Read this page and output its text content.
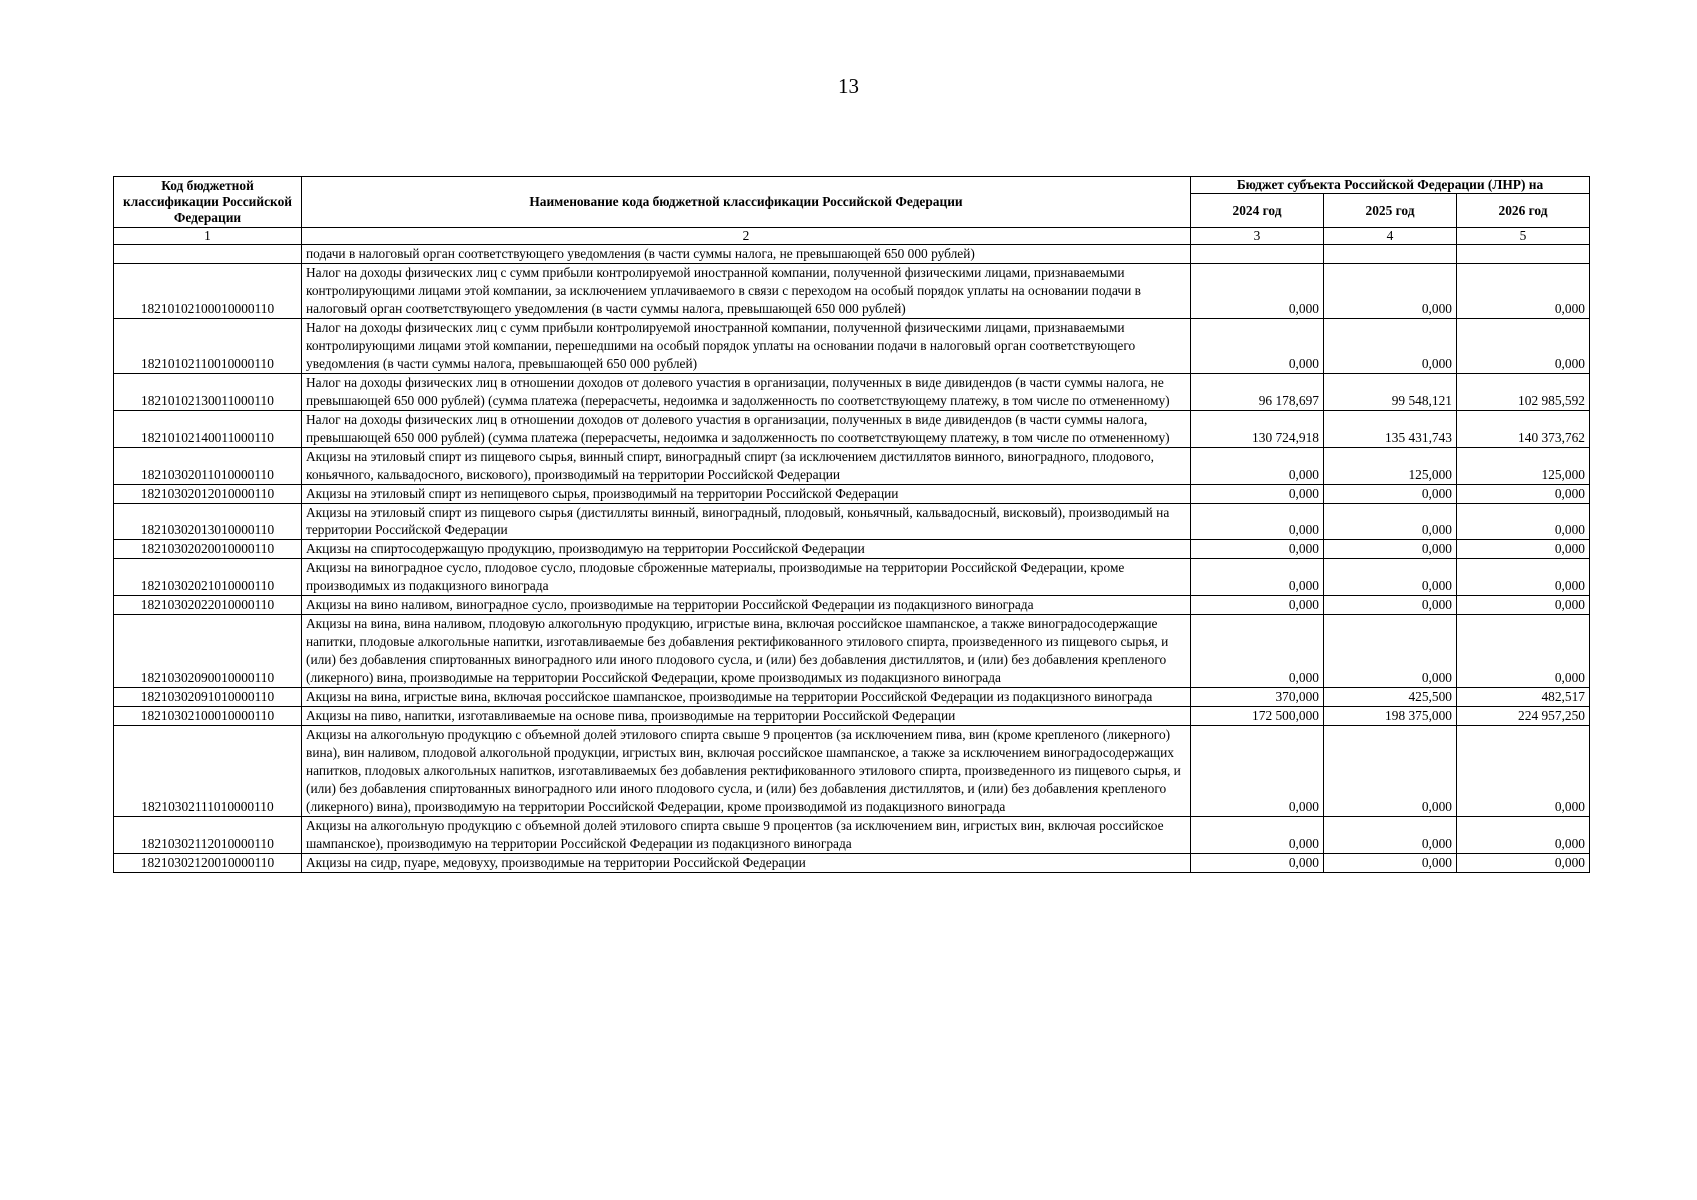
13
Код бюджетной классификации Российской Федерации	Наименование кода бюджетной классификации Российской Федерации	Бюджет субъекта Российской Федерации (ЛНР) на		
		2024 год	2025 год	2026 год
1	2	3	4	5
	подачи в налоговый орган соответствующего уведомления (в части суммы налога, не превышающей 650 000 рублей)			
18210102100010000110	Налог на доходы физических лиц с сумм прибыли контролируемой иностранной компании, полученной физическими лицами, признаваемыми контролирующими лицами этой компании, за исключением уплачиваемого в связи с переходом на особый порядок уплаты на основании подачи в налоговый орган соответствующего уведомления (в части суммы налога, превышающей 650 000 рублей)	0,000	0,000	0,000
18210102110010000110	Налог на доходы физических лиц с сумм прибыли контролируемой иностранной компании, полученной физическими лицами, признаваемыми контролирующими лицами этой компании, перешедшими на особый порядок уплаты на основании подачи в налоговый орган соответствующего уведомления (в части суммы налога, превышающей 650 000 рублей)	0,000	0,000	0,000
18210102130011000110	Налог на доходы физических лиц в отношении доходов от долевого участия в организации, полученных в виде дивидендов (в части суммы налога, не превышающей 650 000 рублей) (сумма платежа (перерасчеты, недоимка и задолженность по соответствующему платежу, в том числе по отмененному)	96 178,697	99 548,121	102 985,592
18210102140011000110	Налог на доходы физических лиц в отношении доходов от долевого участия в организации, полученных в виде дивидендов (в части суммы налога, превышающей 650 000 рублей) (сумма платежа (перерасчеты, недоимка и задолженность по соответствующему платежу, в том числе по отмененному)	130 724,918	135 431,743	140 373,762
18210302011010000110	Акцизы на этиловый спирт из пищевого сырья, винный спирт, виноградный спирт (за исключением дистиллятов винного, виноградного, плодового, коньячного, кальвадосного, вискового), производимый на территории Российской Федерации	0,000	125,000	125,000
18210302012010000110	Акцизы на этиловый спирт из непищевого сырья, производимый на территории Российской Федерации	0,000	0,000	0,000
18210302013010000110	Акцизы на этиловый спирт из пищевого сырья (дистилляты винный, виноградный, плодовый, коньячный, кальвадосный, висковый), производимый на территории Российской Федерации	0,000	0,000	0,000
18210302020010000110	Акцизы на спиртосодержащую продукцию, производимую на территории Российской Федерации	0,000	0,000	0,000
18210302021010000110	Акцизы на виноградное сусло, плодовое сусло, плодовые сброженные материалы, производимые на территории Российской Федерации, кроме производимых из подакцизного винограда	0,000	0,000	0,000
18210302022010000110	Акцизы на вино наливом, виноградное сусло, производимые на территории Российской Федерации из подакцизного винограда	0,000	0,000	0,000
18210302090010000110	Акцизы на вина, вина наливом, плодовую алкогольную продукцию, игристые вина, включая российское шампанское, а также виноградосодержащие напитки, плодовые алкогольные напитки, изготавливаемые без добавления ректификованного этилового спирта, произведенного из пищевого сырья, и (или) без добавления спиртованных виноградного или иного плодового сусла, и (или) без добавления дистиллятов, и (или) без добавления крепленого (ликерного) вина, производимые на территории Российской Федерации, кроме производимых из подакцизного винограда	0,000	0,000	0,000
18210302091010000110	Акцизы на вина, игристые вина, включая российское шампанское, производимые на территории Российской Федерации из подакцизного винограда	370,000	425,500	482,517
18210302100010000110	Акцизы на пиво, напитки, изготавливаемые на основе пива, производимые на территории Российской Федерации	172 500,000	198 375,000	224 957,250
18210302111010000110	Акцизы на алкогольную продукцию с объемной долей этилового спирта свыше 9 процентов (за исключением пива, вин (кроме крепленого (ликерного) вина), вин наливом, плодовой алкогольной продукции, игристых вин, включая российское шампанское, а также за исключением виноградосодержащих напитков, плодовых алкогольных напитков, изготавливаемых без добавления ректификованного этилового спирта, произведенного из пищевого сырья, и (или) без добавления спиртованных виноградного или иного плодового сусла, и (или) без добавления дистиллятов, и (или) без добавления крепленого (ликерного) вина), производимую на территории Российской Федерации, кроме производимой из подакцизного винограда	0,000	0,000	0,000
18210302112010000110	Акцизы на алкогольную продукцию с объемной долей этилового спирта свыше 9 процентов (за исключением вин, игристых вин, включая российское шампанское), производимую на территории Российской Федерации из подакцизного винограда	0,000	0,000	0,000
18210302120010000110	Акцизы на сидр, пуаре, медовуху, производимые на территории Российской Федерации	0,000	0,000	0,000
